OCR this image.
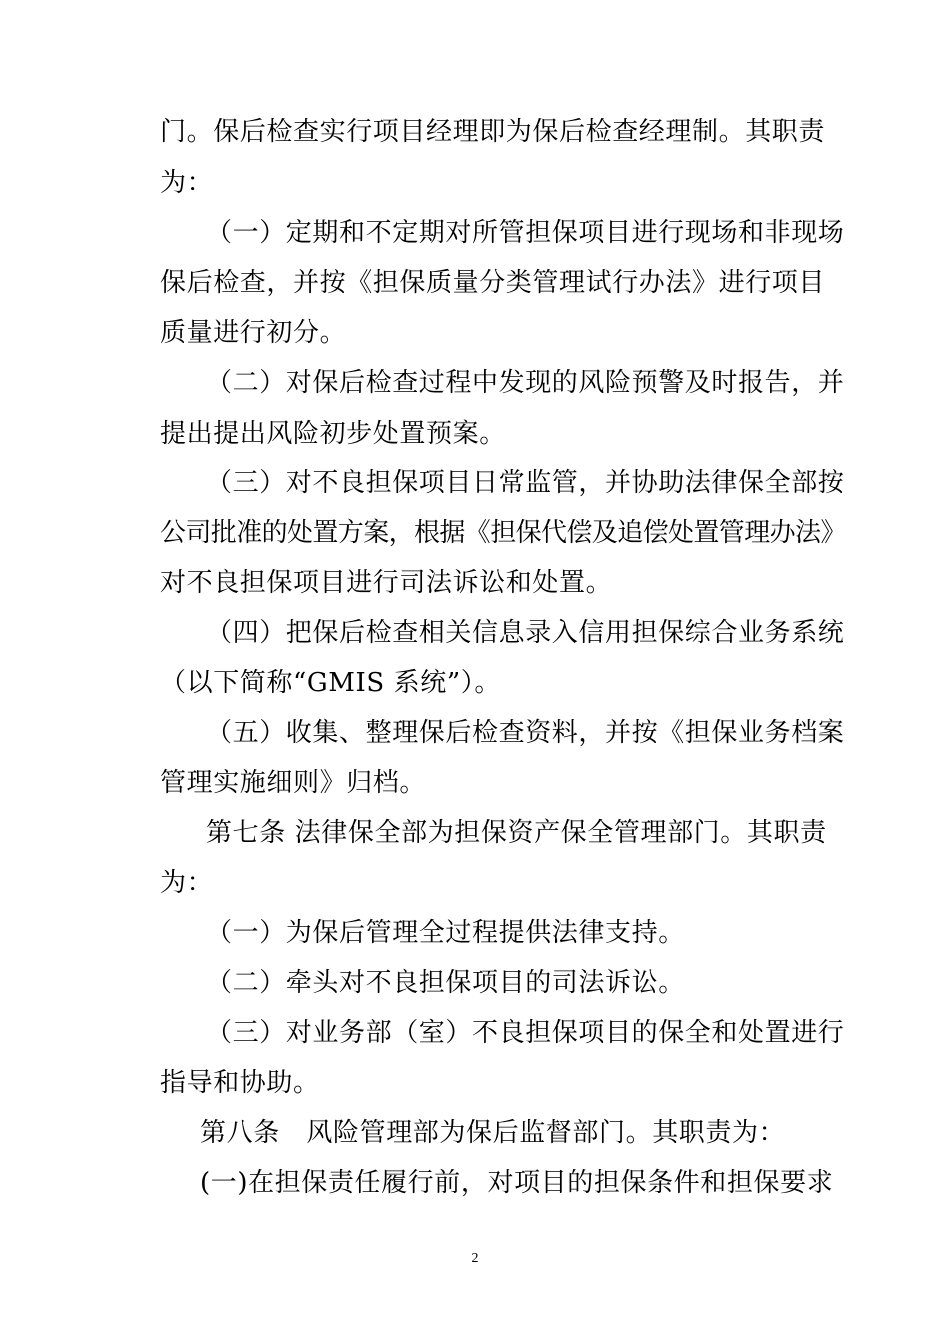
门。保后检查实行项目经理即为保后检查经理制。其职责
为：
（一）定期和不定期对所管担保项目进行现场和非现场
保后检查，并按《担保质量分类管理试行办法》进行项目
质量进行初分。
（二）对保后检查过程中发现的风险预警及时报告，并
提出提出风险初步处置预案。
（三）对不良担保项目日常监管，并协助法律保全部按
公司批准的处置方案，根据《担保代偿及追偿处置管理办法》
对不良担保项目进行司法诉讼和处置。
（四）把保后检查相关信息录入信用担保综合业务系统
（以下简称“GMIS 系统”）。
（五）收集、整理保后检查资料，并按《担保业务档案
管理实施细则》归档。
第七条 法律保全部为担保资产保全管理部门。其职责
为：
（一）为保后管理全过程提供法律支持。
（二）牵头对不良担保项目的司法诉讼。
（三）对业务部（室）不良担保项目的保全和处置进行
指导和协助。
第八条　风险管理部为保后监督部门。其职责为：
(一)在担保责任履行前，对项目的担保条件和担保要求
2
